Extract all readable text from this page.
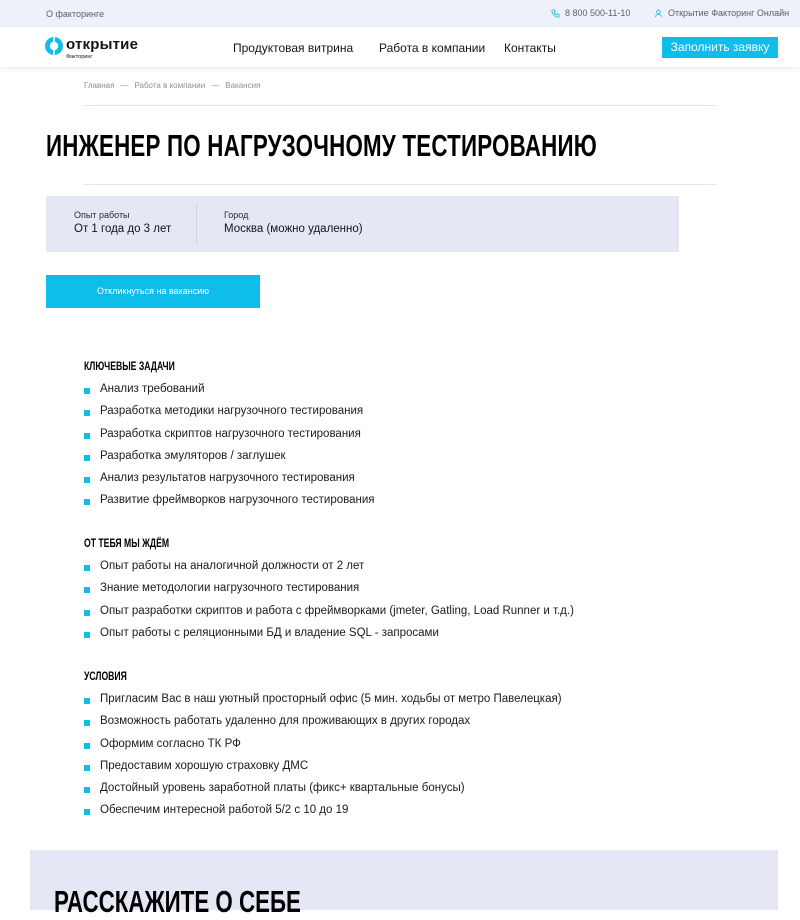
О факторинге	8 800 500-11-10	Открытие Факторинг Онлайн
открытие
Факторинг
Продуктовая витрина Работа в компании Контакты	Заполнить заявку
Главная — Работа в компании — Вакансия
ИНЖЕНЕР ПО НАГРУЗОЧНОМУ ТЕСТИРОВАНИЮ
Опыт работы
От 1 года до 3 лет
Город
Москва (можно удаленно)
Откликнуться на вакансию
КЛЮЧЕВЫЕ ЗАДАЧИ
Анализ требований
Разработка методики нагрузочного тестирования
Разработка скриптов нагрузочного тестирования
Разработка эмуляторов / заглушек
Анализ результатов нагрузочного тестирования
Развитие фреймворков нагрузочного тестирования
ОТ ТЕБЯ МЫ ЖДЁМ
Опыт работы на аналогичной должности от 2 лет
Знание методологии нагрузочного тестирования
Опыт разработки скриптов и работа с фреймворками (jmeter, Gatling, Load Runner и т.д.)
Опыт работы с реляционными БД и владение SQL - запросами
УСЛОВИЯ
Пригласим Вас в наш уютный просторный офис (5 мин. ходьбы от метро Павелецкая)
Возможность работать удаленно для проживающих в других городах
Оформим согласно ТК РФ
Предоставим хорошую страховку ДМС
Достойный уровень заработной платы (фикс+ квартальные бонусы)
Обеспечим интересной работой 5/2 с 10 до 19
РАССКАЖИТЕ О СЕБЕ
